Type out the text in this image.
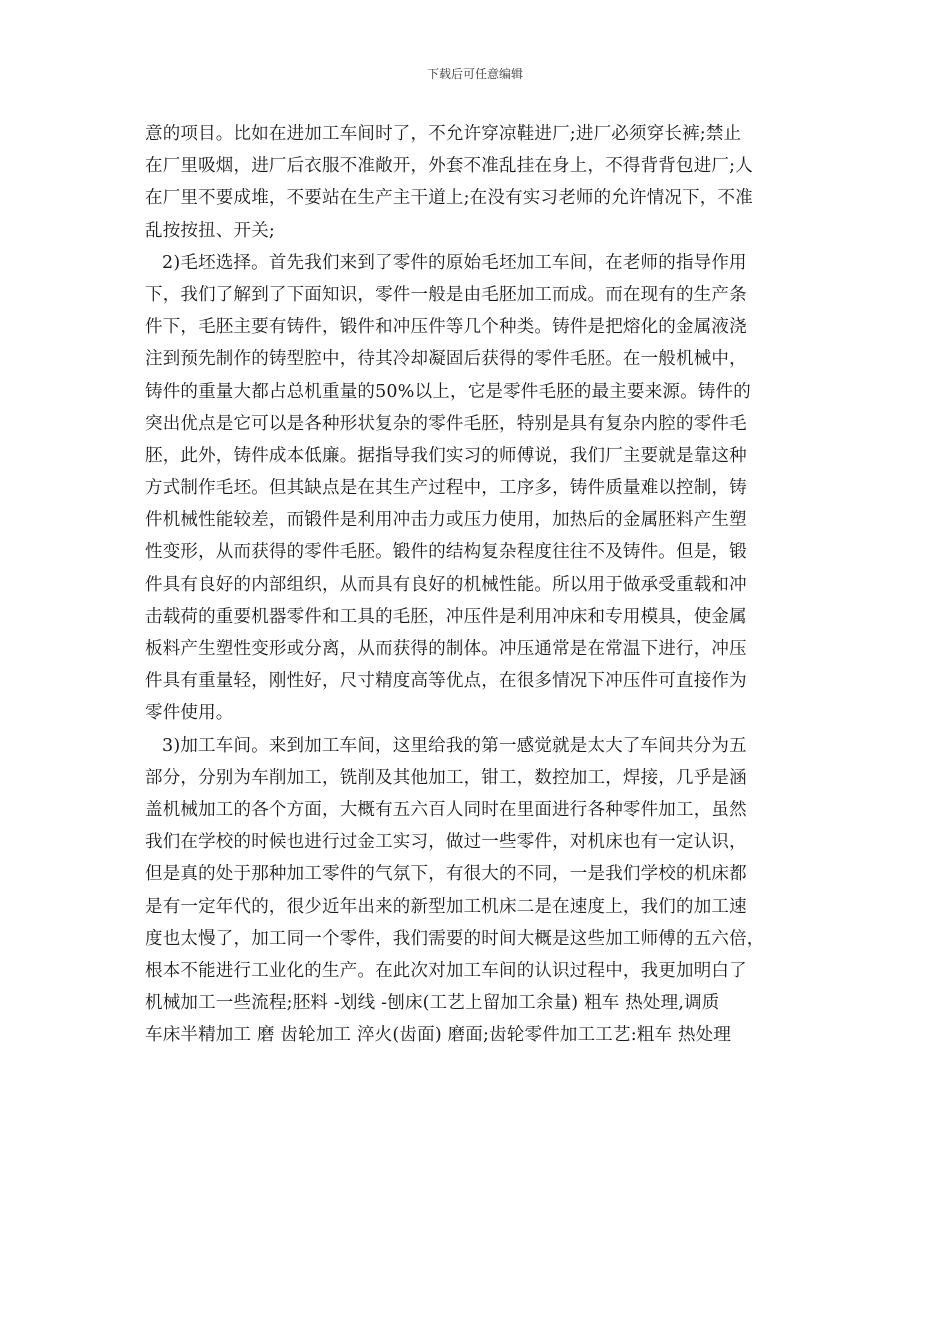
下载后可任意编辑
意的项目。比如在进加工车间时了，不允许穿凉鞋进厂;进厂必须穿长裤;禁止
在厂里吸烟，进厂后衣服不准敞开，外套不准乱挂在身上，不得背背包进厂;人
在厂里不要成堆，不要站在生产主干道上;在没有实习老师的允许情况下，不准
乱按按扭、开关;
2)毛坯选择。首先我们来到了零件的原始毛坯加工车间，在老师的指导作用
下，我们了解到了下面知识，零件一般是由毛胚加工而成。而在现有的生产条
件下，毛胚主要有铸件，锻件和冲压件等几个种类。铸件是把熔化的金属液浇
注到预先制作的铸型腔中，待其冷却凝固后获得的零件毛胚。在一般机械中，
铸件的重量大都占总机重量的50%以上，它是零件毛胚的最主要来源。铸件的
突出优点是它可以是各种形状复杂的零件毛胚，特别是具有复杂内腔的零件毛
胚，此外，铸件成本低廉。据指导我们实习的师傅说，我们厂主要就是靠这种
方式制作毛坯。但其缺点是在其生产过程中，工序多，铸件质量难以控制，铸
件机械性能较差，而锻件是利用冲击力或压力使用，加热后的金属胚料产生塑
性变形，从而获得的零件毛胚。锻件的结构复杂程度往往不及铸件。但是，锻
件具有良好的内部组织，从而具有良好的机械性能。所以用于做承受重载和冲
击载荷的重要机器零件和工具的毛胚，冲压件是利用冲床和专用模具，使金属
板料产生塑性变形或分离，从而获得的制体。冲压通常是在常温下进行，冲压
件具有重量轻，刚性好，尺寸精度高等优点，在很多情况下冲压件可直接作为
零件使用。
3)加工车间。来到加工车间，这里给我的第一感觉就是太大了车间共分为五
部分，分别为车削加工，铣削及其他加工，钳工，数控加工，焊接，几乎是涵
盖机械加工的各个方面，大概有五六百人同时在里面进行各种零件加工，虽然
我们在学校的时候也进行过金工实习，做过一些零件，对机床也有一定认识，
但是真的处于那种加工零件的气氛下，有很大的不同，一是我们学校的机床都
是有一定年代的，很少近年出来的新型加工机床二是在速度上，我们的加工速
度也太慢了，加工同一个零件，我们需要的时间大概是这些加工师傅的五六倍，
根本不能进行工业化的生产。在此次对加工车间的认识过程中，我更加明白了
机械加工一些流程;胚料 -划线 -刨床(工艺上留加工余量) 粗车 热处理,调质
车床半精加工 磨 齿轮加工 淬火(齿面) 磨面;齿轮零件加工工艺:粗车 热处理
